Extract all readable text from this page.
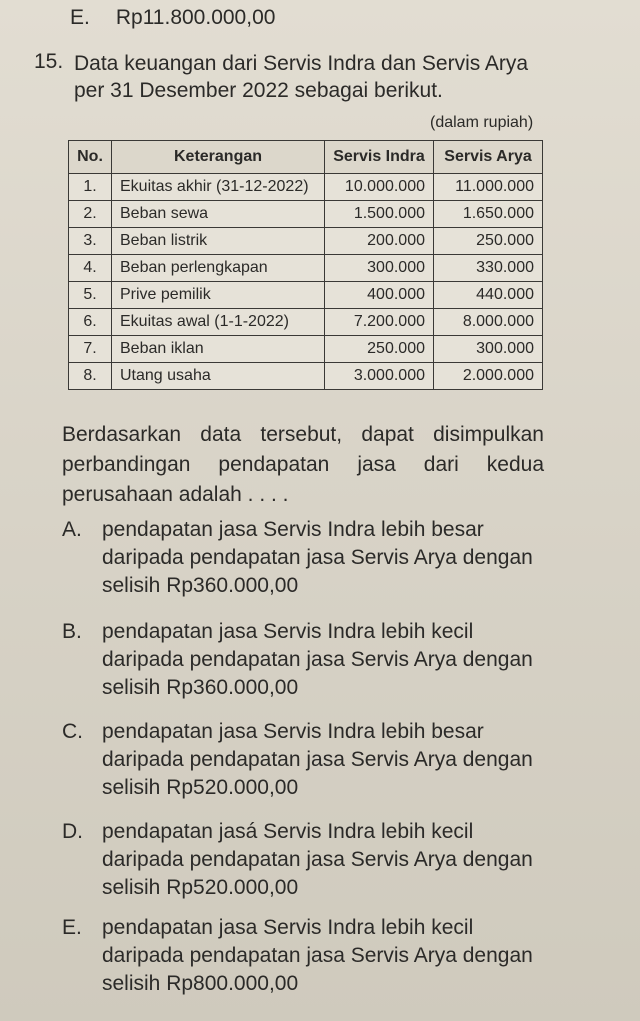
E. Rp11.800.000,00
15. Data keuangan dari Servis Indra dan Servis Arya per 31 Desember 2022 sebagai berikut.
(dalam rupiah)
No.	Keterangan	Servis Indra	Servis Arya
1.	Ekuitas akhir (31-12-2022)	10.000.000	11.000.000
2.	Beban sewa	1.500.000	1.650.000
3.	Beban listrik	200.000	250.000
4.	Beban perlengkapan	300.000	330.000
5.	Prive pemilik	400.000	440.000
6.	Ekuitas awal (1-1-2022)	7.200.000	8.000.000
7.	Beban iklan	250.000	300.000
8.	Utang usaha	3.000.000	2.000.000
Berdasarkan data tersebut, dapat disimpulkan perbandingan pendapatan jasa dari kedua perusahaan adalah . . . .
A. pendapatan jasa Servis Indra lebih besar daripada pendapatan jasa Servis Arya dengan selisih Rp360.000,00
B. pendapatan jasa Servis Indra lebih kecil daripada pendapatan jasa Servis Arya dengan selisih Rp360.000,00
C. pendapatan jasa Servis Indra lebih besar daripada pendapatan jasa Servis Arya dengan selisih Rp520.000,00
D. pendapatan jasá Servis Indra lebih kecil daripada pendapatan jasa Servis Arya dengan selisih Rp520.000,00
E. pendapatan jasa Servis Indra lebih kecil daripada pendapatan jasa Servis Arya dengan selisih Rp800.000,00
